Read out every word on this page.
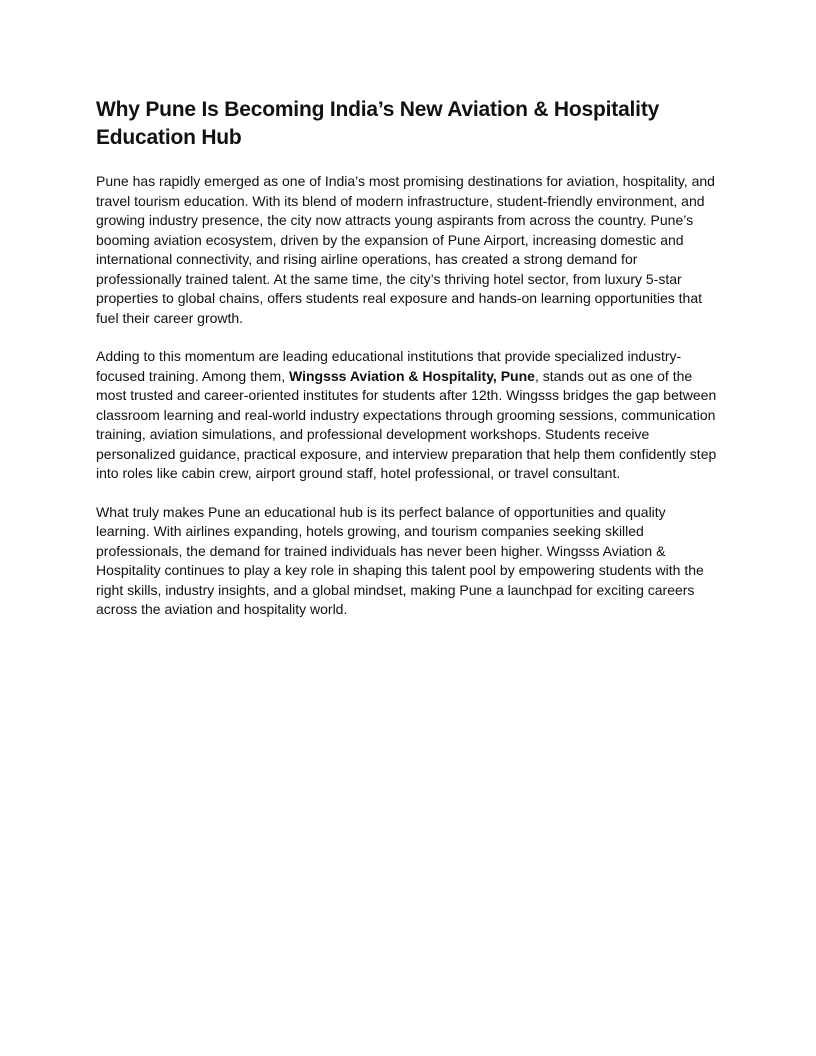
Why Pune Is Becoming India’s New Aviation & Hospitality Education Hub

Pune has rapidly emerged as one of India’s most promising destinations for aviation, hospitality, and travel tourism education. With its blend of modern infrastructure, student-friendly environment, and growing industry presence, the city now attracts young aspirants from across the country. Pune’s booming aviation ecosystem, driven by the expansion of Pune Airport, increasing domestic and international connectivity, and rising airline operations, has created a strong demand for professionally trained talent. At the same time, the city’s thriving hotel sector, from luxury 5-star properties to global chains, offers students real exposure and hands-on learning opportunities that fuel their career growth.

Adding to this momentum are leading educational institutions that provide specialized industry-focused training. Among them, Wingsss Aviation & Hospitality, Pune, stands out as one of the most trusted and career-oriented institutes for students after 12th. Wingsss bridges the gap between classroom learning and real-world industry expectations through grooming sessions, communication training, aviation simulations, and professional development workshops. Students receive personalized guidance, practical exposure, and interview preparation that help them confidently step into roles like cabin crew, airport ground staff, hotel professional, or travel consultant.

What truly makes Pune an educational hub is its perfect balance of opportunities and quality learning. With airlines expanding, hotels growing, and tourism companies seeking skilled professionals, the demand for trained individuals has never been higher. Wingsss Aviation & Hospitality continues to play a key role in shaping this talent pool by empowering students with the right skills, industry insights, and a global mindset, making Pune a launchpad for exciting careers across the aviation and hospitality world.
